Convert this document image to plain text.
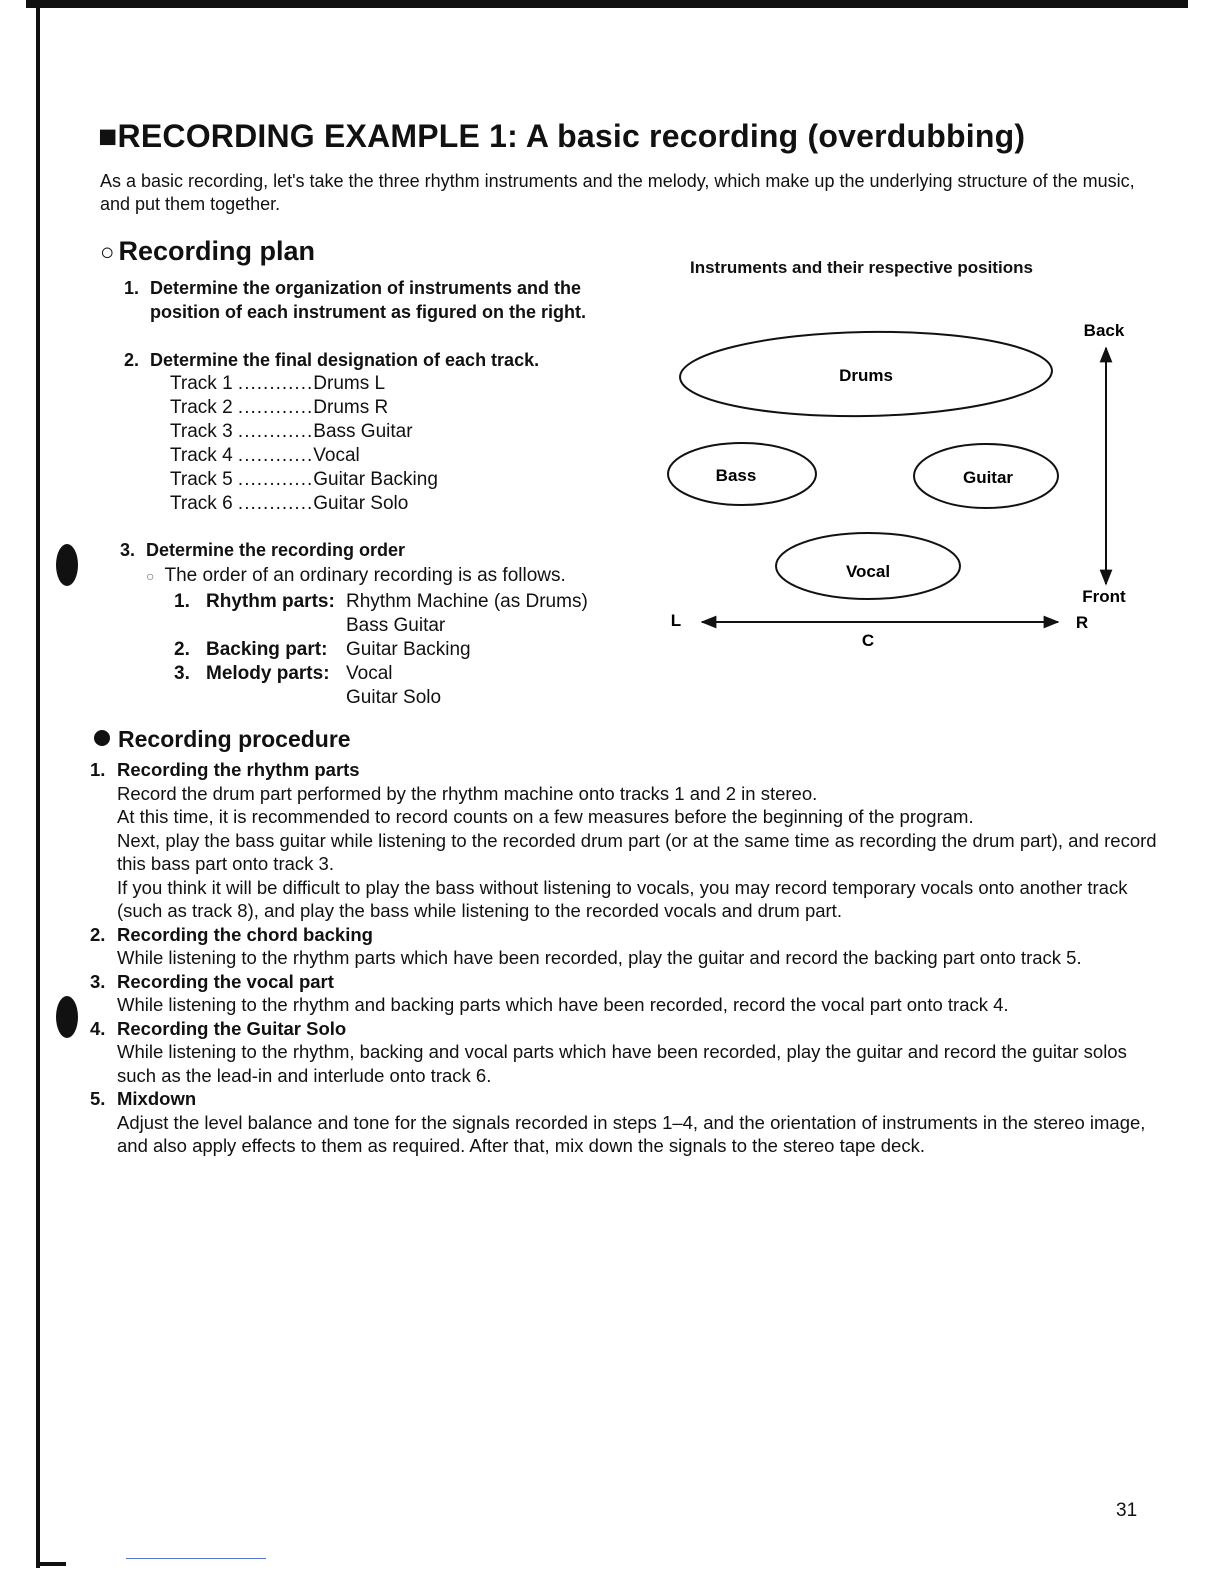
■RECORDING EXAMPLE 1: A basic recording (overdubbing)

As a basic recording, let's take the three rhythm instruments and the melody, which make up the underlying structure of the music, and put them together.

○ Recording plan
1. Determine the organization of instruments and the
position of each instrument as figured on the right.
2. Determine the final designation of each track.
Track 1 ............Drums L
Track 2 ............Drums R
Track 3 ............Bass Guitar
Track 4 ............Vocal
Track 5 ............Guitar Backing
Track 6 ............Guitar Solo
3. Determine the recording order
○ The order of an ordinary recording is as follows.
1. Rhythm parts: Rhythm Machine (as Drums)
Bass Guitar
2. Backing part: Guitar Backing
3. Melody parts: Vocal
Guitar Solo
Instruments and their respective positions
Drums
Bass	Guitar
Vocal
Back
Front
L
C
R
Recording procedure
1. Recording the rhythm parts

Record the drum part performed by the rhythm machine onto tracks 1 and 2 in stereo.

At this time, it is recommended to record counts on a few measures before the beginning of the program.

Next, play the bass guitar while listening to the recorded drum part (or at the same time as recording the drum part), and record this bass part onto track 3.

If you think it will be difficult to play the bass without listening to vocals, you may record temporary vocals onto another track (such as track 8), and play the bass while listening to the recorded vocals and drum part.

2. Recording the chord backing

While listening to the rhythm parts which have been recorded, play the guitar and record the backing part onto track 5.

3. Recording the vocal part

While listening to the rhythm and backing parts which have been recorded, record the vocal part onto track 4.

4. Recording the Guitar Solo

While listening to the rhythm, backing and vocal parts which have been recorded, play the guitar and record the guitar solos such as the lead-in and interlude onto track 6.

5. Mixdown

Adjust the level balance and tone for the signals recorded in steps 1–4, and the orientation of instruments in the stereo image, and also apply effects to them as required. After that, mix down the signals to the stereo tape deck.

31
